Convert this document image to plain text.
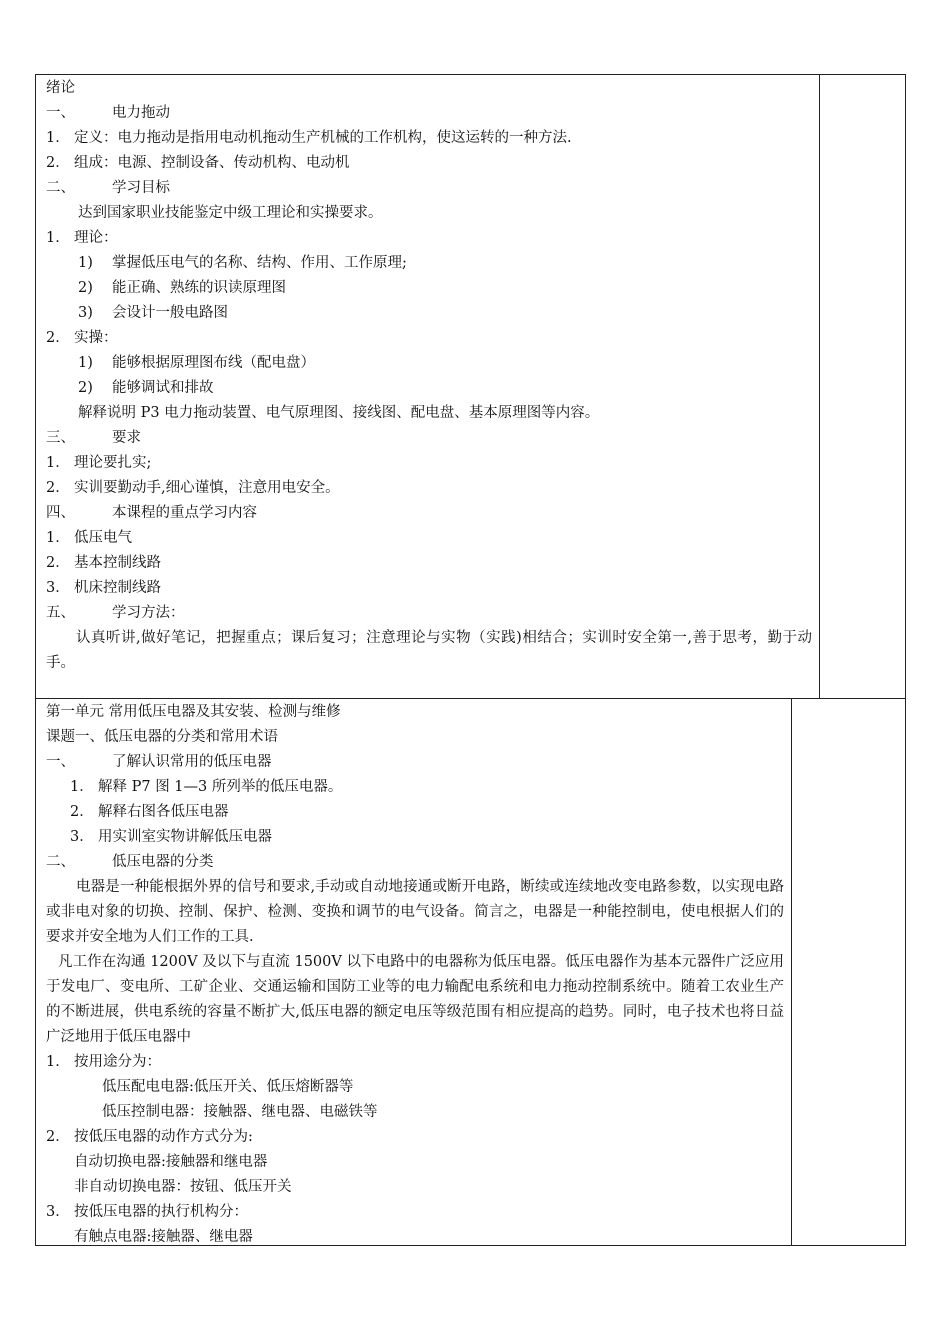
绪论
一、	电力拖动
1． 定义：电力拖动是指用电动机拖动生产机械的工作机构，使这运转的一种方法.
2． 组成：电源、控制设备、传动机构、电动机
二、	学习目标
达到国家职业技能鉴定中级工理论和实操要求。
1． 理论：
1) 掌握低压电气的名称、结构、作用、工作原理;
2) 能正确、熟练的识读原理图
3) 会设计一般电路图
2． 实操：
1) 能够根据原理图布线（配电盘）
2) 能够调试和排故
解释说明 P3 电力拖动装置、电气原理图、接线图、配电盘、基本原理图等内容。
三、	要求
1． 理论要扎实;
2． 实训要勤动手,细心谨慎，注意用电安全。
四、	本课程的重点学习内容
1． 低压电气
2． 基本控制线路
3． 机床控制线路
五、	学习方法：
认真听讲,做好笔记，把握重点；课后复习；注意理论与实物（实践)相结合；实训时安全第一,善于思考，勤于动手。
第一单元 常用低压电器及其安装、检测与维修
课题一、低压电器的分类和常用术语
一、	了解认识常用的低压电器
1． 解释 P7 图 1—3 所列举的低压电器。
2． 解释右图各低压电器
3． 用实训室实物讲解低压电器
二、	低压电器的分类
电器是一种能根据外界的信号和要求,手动或自动地接通或断开电路，断续或连续地改变电路参数，以实现电路或非电对象的切换、控制、保护、检测、变换和调节的电气设备。简言之，电器是一种能控制电，使电根据人们的要求并安全地为人们工作的工具.
凡工作在沟通 1200V 及以下与直流 1500V 以下电路中的电器称为低压电器。低压电器作为基本元器件广泛应用于发电厂、变电所、工矿企业、交通运输和国防工业等的电力输配电系统和电力拖动控制系统中。随着工农业生产的不断进展，供电系统的容量不断扩大,低压电器的额定电压等级范围有相应提高的趋势。同时，电子技术也将日益广泛地用于低压电器中
1． 按用途分为：
低压配电电器:低压开关、低压熔断器等
低压控制电器：接触器、继电器、电磁铁等
2． 按低压电器的动作方式分为:
自动切换电器:接触器和继电器
非自动切换电器：按钮、低压开关
3． 按低压电器的执行机构分：
有触点电器:接触器、继电器
